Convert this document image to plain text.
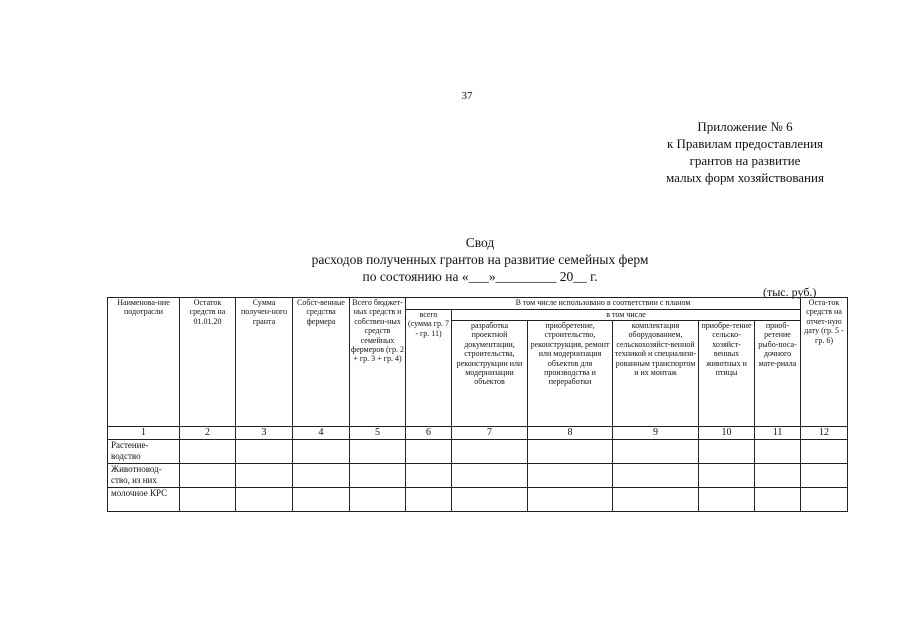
37
Приложение № 6
к Правилам предоставления
грантов на развитие
малых форм хозяйствования
Свод
расходов полученных грантов на развитие семейных ферм
по состоянию на «___»_________ 20__ г.
(тыс. руб.)
Наименова-ние подотрасли	Остаток средств на 01.01.20	Сумма получен-ного гранта	Собст-венные средства фермера	Всего бюджет-ных средств и собствен-ных средств семейных фермеров (гр. 2 + гр. 3 + гр. 4)	В том числе использовано в соответствии с планом						Оста-ток средств на отчет-ную дату (гр. 5 - гр. 6)
					всего (сумма гр. 7 - гр. 11)	в том числе					
						разработка проектной документации, строительства, реконструкции или модернизации объектов	приобретение, строительство, реконструкция, ремонт или модернизация объектов для производства и переработки	комплектация оборудованием, сельскохозяйст-венной техникой и специализи-рованным транспортом и их монтаж	приобре-тение сельско-хозяйст-венных животных и птицы	приоб-ретение рыбо-поса-дочного мате-риала	
1	2	3	4	5	6	7	8	9	10	11	12
Растение-водство											
Животновод-ство, из них											
молочное КРС											
